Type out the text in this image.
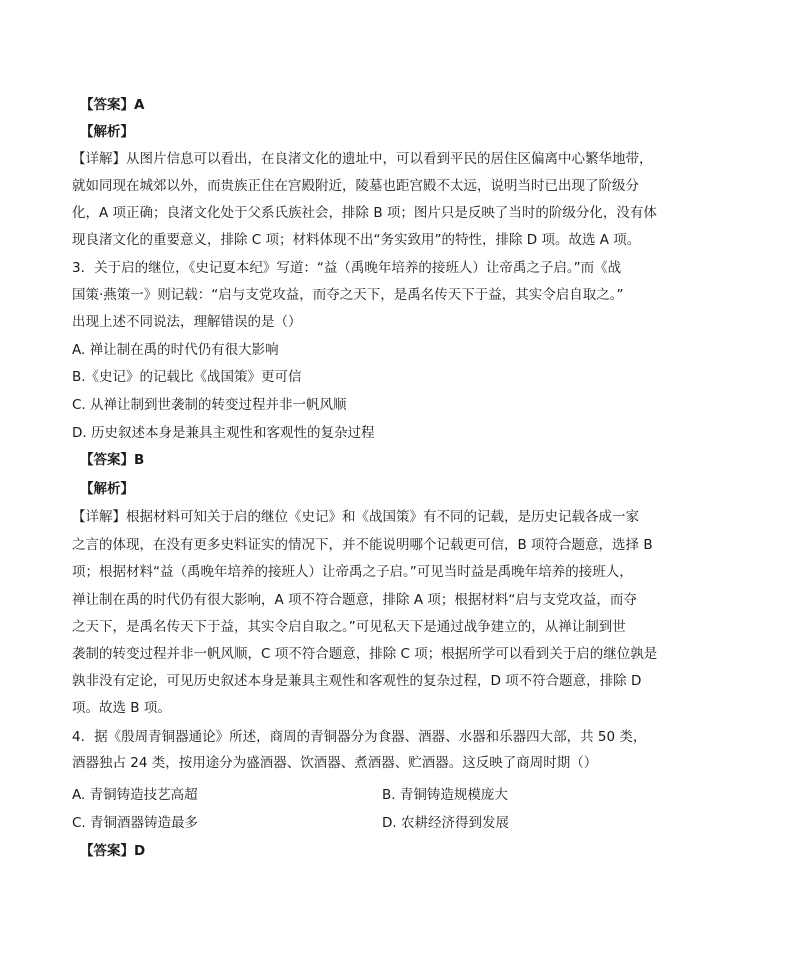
【答案】A
【解析】
【详解】从图片信息可以看出，在良渚文化的遗址中，可以看到平民的居住区偏离中心繁华地带，
就如同现在城郊以外，而贵族正住在宫殿附近，陵墓也距宫殿不太远，说明当时已出现了阶级分
化，A 项正确；良渚文化处于父系氏族社会，排除 B 项；图片只是反映了当时的阶级分化，没有体
现良渚文化的重要意义，排除 C 项；材料体现不出“务实致用”的特性，排除 D 项。故选 A 项。
3．关于启的继位，《史记夏本纪》写道：“益（禹晚年培养的接班人）让帝禹之子启。”而《战
国策·燕策一》则记载：“启与支党攻益，而夺之天下，是禹名传天下于益，其实令启自取之。”
出现上述不同说法，理解错误的是（）
A. 禅让制在禹的时代仍有很大影响
B.《史记》的记载比《战国策》更可信
C. 从禅让制到世袭制的转变过程并非一帆风顺
D. 历史叙述本身是兼具主观性和客观性的复杂过程
【答案】B
【解析】
【详解】根据材料可知关于启的继位《史记》和《战国策》有不同的记载，是历史记载各成一家
之言的体现，在没有更多史料证实的情况下，并不能说明哪个记载更可信，B 项符合题意，选择 B
项；根据材料“益（禹晚年培养的接班人）让帝禹之子启。”可见当时益是禹晚年培养的接班人，
禅让制在禹的时代仍有很大影响，A 项不符合题意，排除 A 项；根据材料“启与支党攻益，而夺
之天下，是禹名传天下于益，其实令启自取之。”可见私天下是通过战争建立的，从禅让制到世
袭制的转变过程并非一帆风顺，C 项不符合题意，排除 C 项；根据所学可以看到关于启的继位孰是
孰非没有定论，可见历史叙述本身是兼具主观性和客观性的复杂过程，D 项不符合题意，排除 D
项。故选 B 项。
4．据《殷周青铜器通论》所述，商周的青铜器分为食器、酒器、水器和乐器四大部，共 50 类，
酒器独占 24 类，按用途分为盛酒器、饮酒器、煮酒器、贮酒器。这反映了商周时期（）
A. 青铜铸造技艺高超	B. 青铜铸造规模庞大
C. 青铜酒器铸造最多	D. 农耕经济得到发展
【答案】D
